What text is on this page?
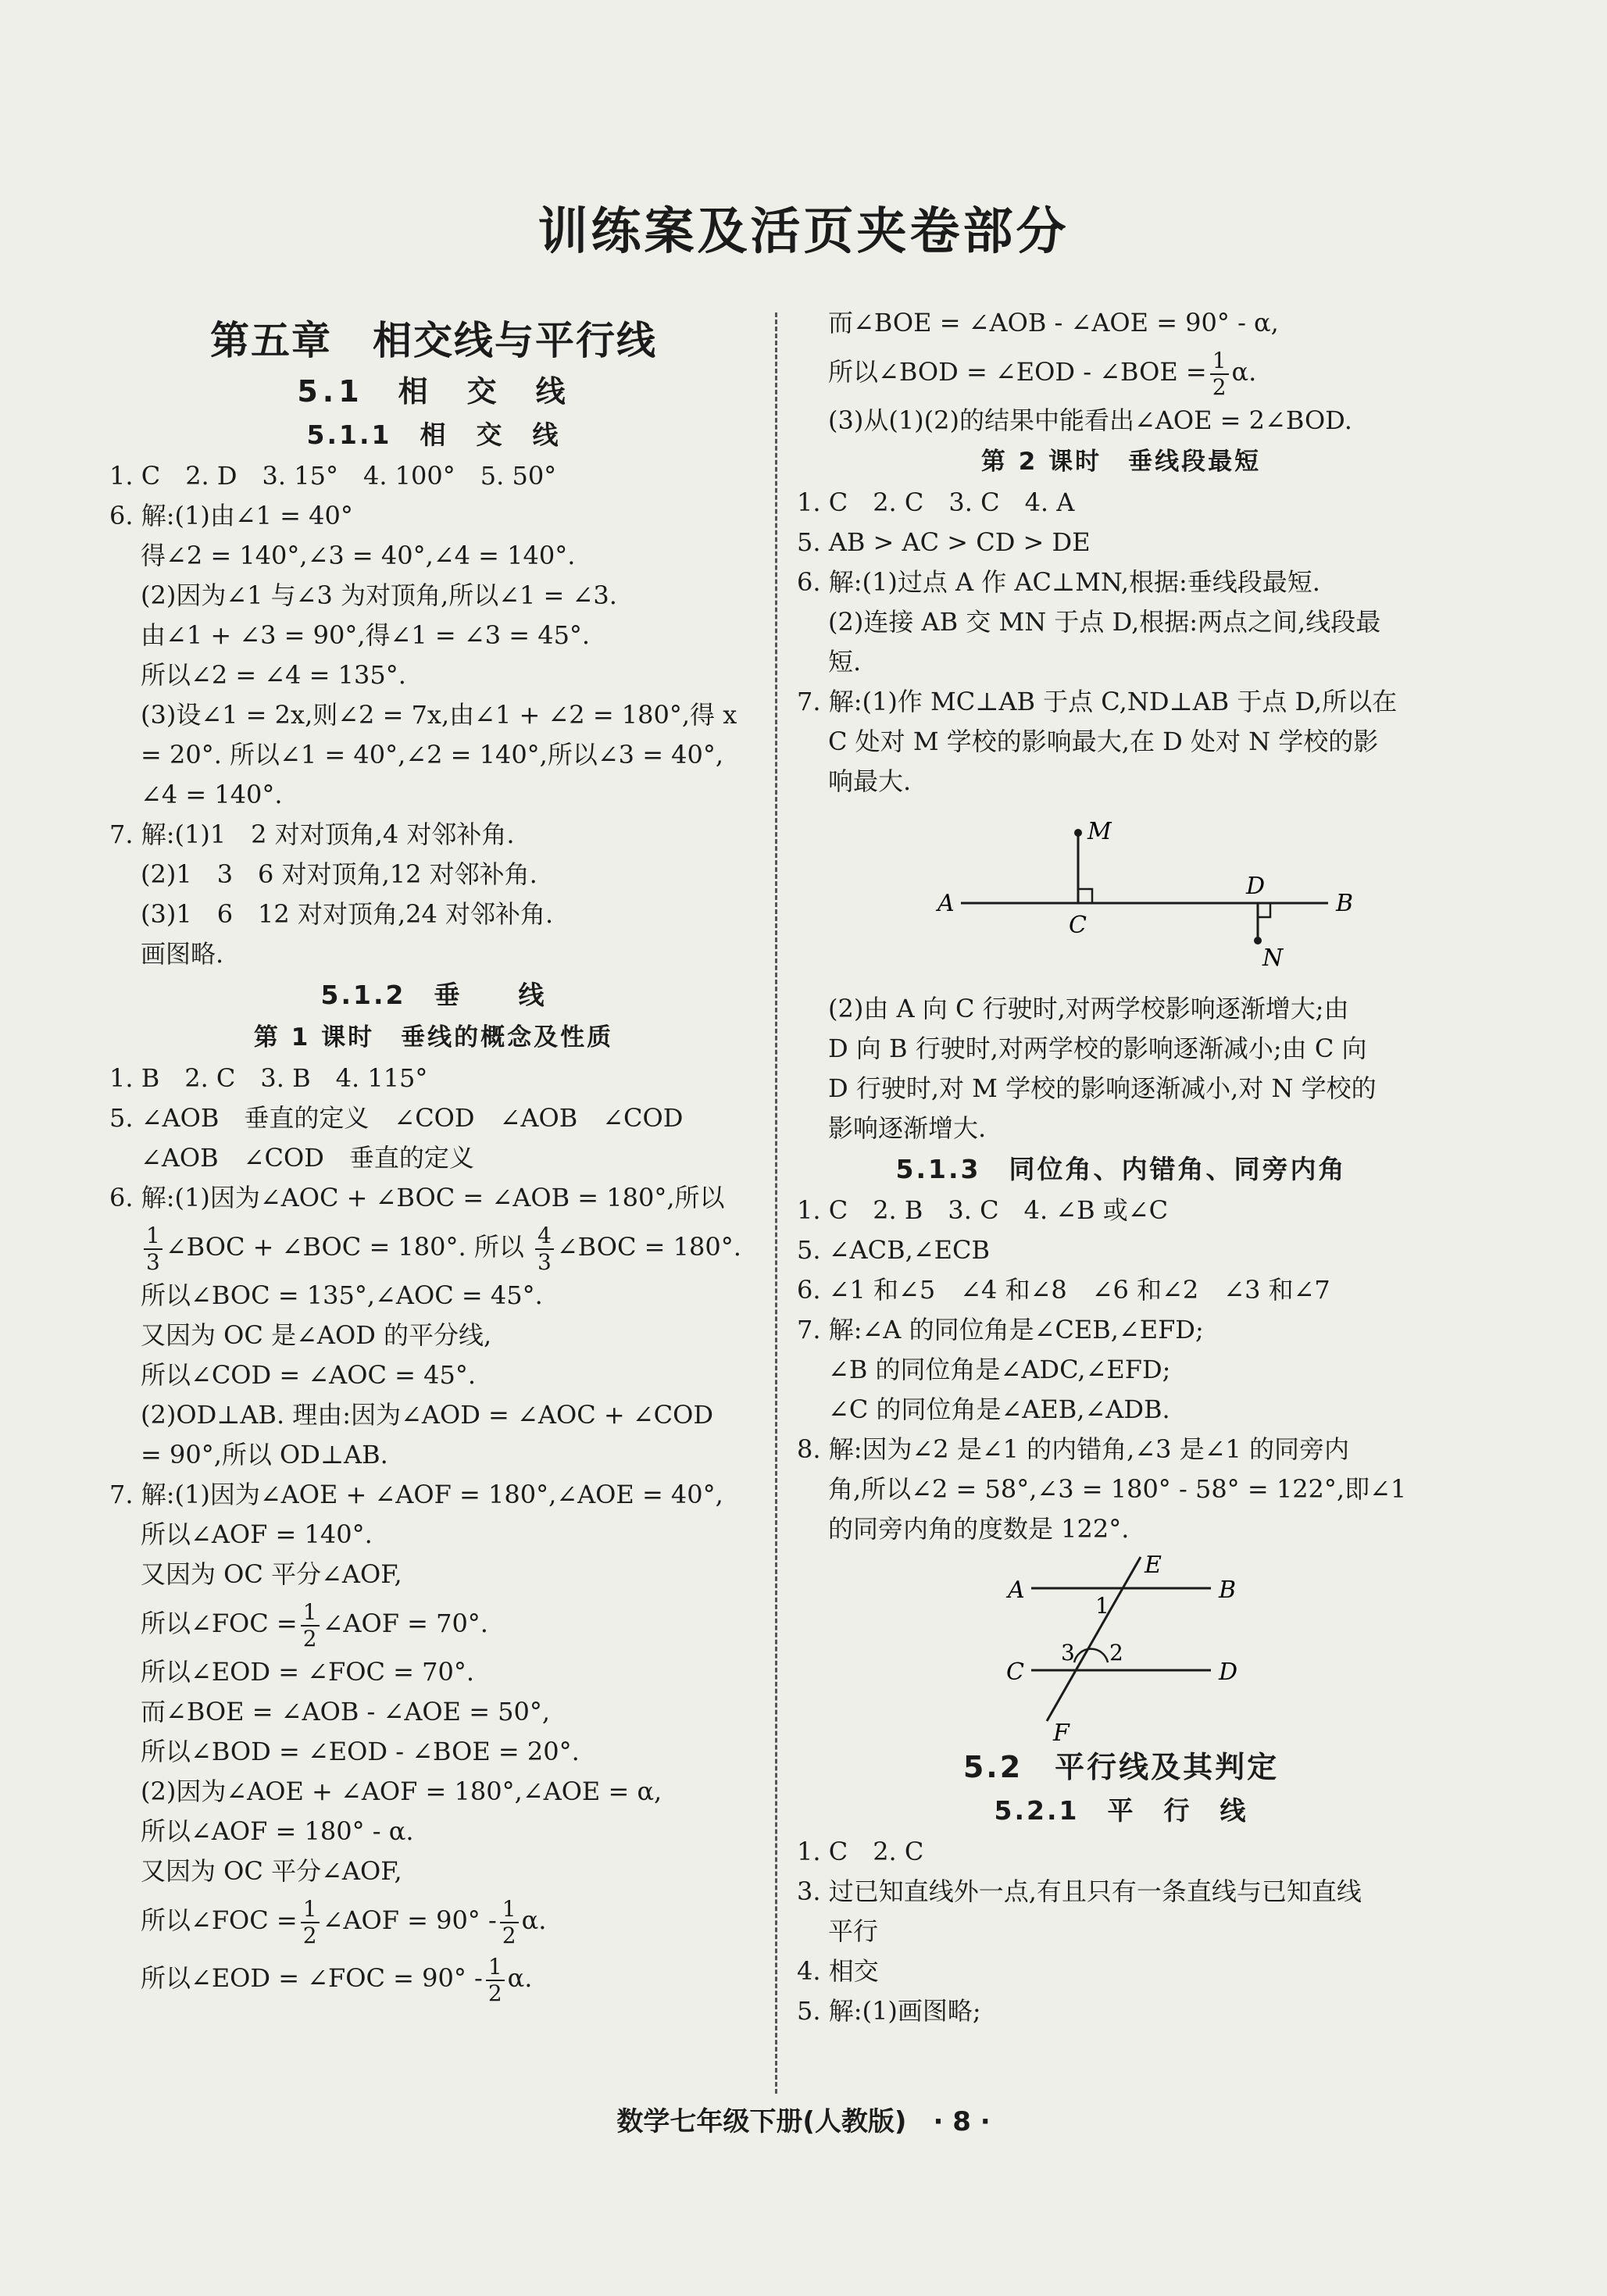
训练案及活页夹卷部分
第五章　相交线与平行线
5.1　相　交　线
5.1.1　相　交　线
1. C　2. D　3. 15°　4. 100°　5. 50°
6. 解:(1)由∠1 = 40°
得∠2 = 140°,∠3 = 40°,∠4 = 140°.
(2)因为∠1 与∠3 为对顶角,所以∠1 = ∠3.
由∠1 + ∠3 = 90°,得∠1 = ∠3 = 45°.
所以∠2 = ∠4 = 135°.
(3)设∠1 = 2x,则∠2 = 7x,由∠1 + ∠2 = 180°,得 x
= 20°. 所以∠1 = 40°,∠2 = 140°,所以∠3 = 40°,
∠4 = 140°.
7. 解:(1)1　2 对对顶角,4 对邻补角.
(2)1　3　6 对对顶角,12 对邻补角.
(3)1　6　12 对对顶角,24 对邻补角.
画图略.
5.1.2　垂　　线
第 1 课时　垂线的概念及性质
1. B　2. C　3. B　4. 115°
5. ∠AOB　垂直的定义　∠COD　∠AOB　∠COD
∠AOB　∠COD　垂直的定义
6. 解:(1)因为∠AOC + ∠BOC = ∠AOB = 180°,所以
$\frac{1}{3}$ ∠BOC + ∠BOC = 180°. 所以 $\frac{4}{3}$ ∠BOC = 180°.
所以∠BOC = 135°,∠AOC = 45°.
又因为 OC 是∠AOD 的平分线,
所以∠COD = ∠AOC = 45°.
(2)OD⊥AB. 理由:因为∠AOD = ∠AOC + ∠COD
= 90°,所以 OD⊥AB.
7. 解:(1)因为∠AOE + ∠AOF = 180°,∠AOE = 40°,
所以∠AOF = 140°.
又因为 OC 平分∠AOF,
所以∠FOC = $\frac{1}{2}$ ∠AOF = 70°.
所以∠EOD = ∠FOC = 70°.
而∠BOE = ∠AOB - ∠AOE = 50°,
所以∠BOD = ∠EOD - ∠BOE = 20°.
(2)因为∠AOE + ∠AOF = 180°,∠AOE = α,
所以∠AOF = 180° - α.
又因为 OC 平分∠AOF,
所以∠FOC = $\frac{1}{2}$ ∠AOF = $90^\circ - \frac{1}{2} \alpha$.
所以∠EOD = ∠FOC = $90^\circ - \frac{1}{2} \alpha$.
而∠BOE = ∠AOB - ∠AOE = 90° - α,
所以∠BOD = ∠EOD - ∠BOE = $\frac{1}{2} \alpha$.
(3)从(1)(2)的结果中能看出∠AOE = 2∠BOD.
第 2 课时　垂线段最短
1. C　2. C　3. C　4. A
5. AB > AC > CD > DE
6. 解:(1)过点 A 作 AC⊥MN,根据:垂线段最短.
(2)连接 AB 交 MN 于点 D,根据:两点之间,线段最
短.
7. 解:(1)作 MC⊥AB 于点 C,ND⊥AB 于点 D,所以在
C 处对 M 学校的影响最大,在 D 处对 N 学校的影
响最大.
M
A
C
D
B
N
(2)由 A 向 C 行驶时,对两学校影响逐渐增大;由
D 向 B 行驶时,对两学校的影响逐渐减小;由 C 向
D 行驶时,对 M 学校的影响逐渐减小,对 N 学校的
影响逐渐增大.
5.1.3　同位角、内错角、同旁内角
1. C　2. B　3. C　4. ∠B 或∠C
5. ∠ACB,∠ECB
6. ∠1 和∠5　∠4 和∠8　∠6 和∠2　∠3 和∠7
7. 解:∠A 的同位角是∠CEB,∠EFD;
∠B 的同位角是∠ADC,∠EFD;
∠C 的同位角是∠AEB,∠ADB.
8. 解:因为∠2 是∠1 的内错角,∠3 是∠1 的同旁内
角,所以∠2 = 58°,∠3 = 180° - 58° = 122°,即∠1
的同旁内角的度数是 122°.
A
E
B
1
3 2
C	D
F
5.2　平行线及其判定
5.2.1　平　行　线
1. C　2. C
3. 过已知直线外一点,有且只有一条直线与已知直线
平行
4. 相交
5. 解:(1)画图略;
数学七年级下册(人教版)　· 8 ·
